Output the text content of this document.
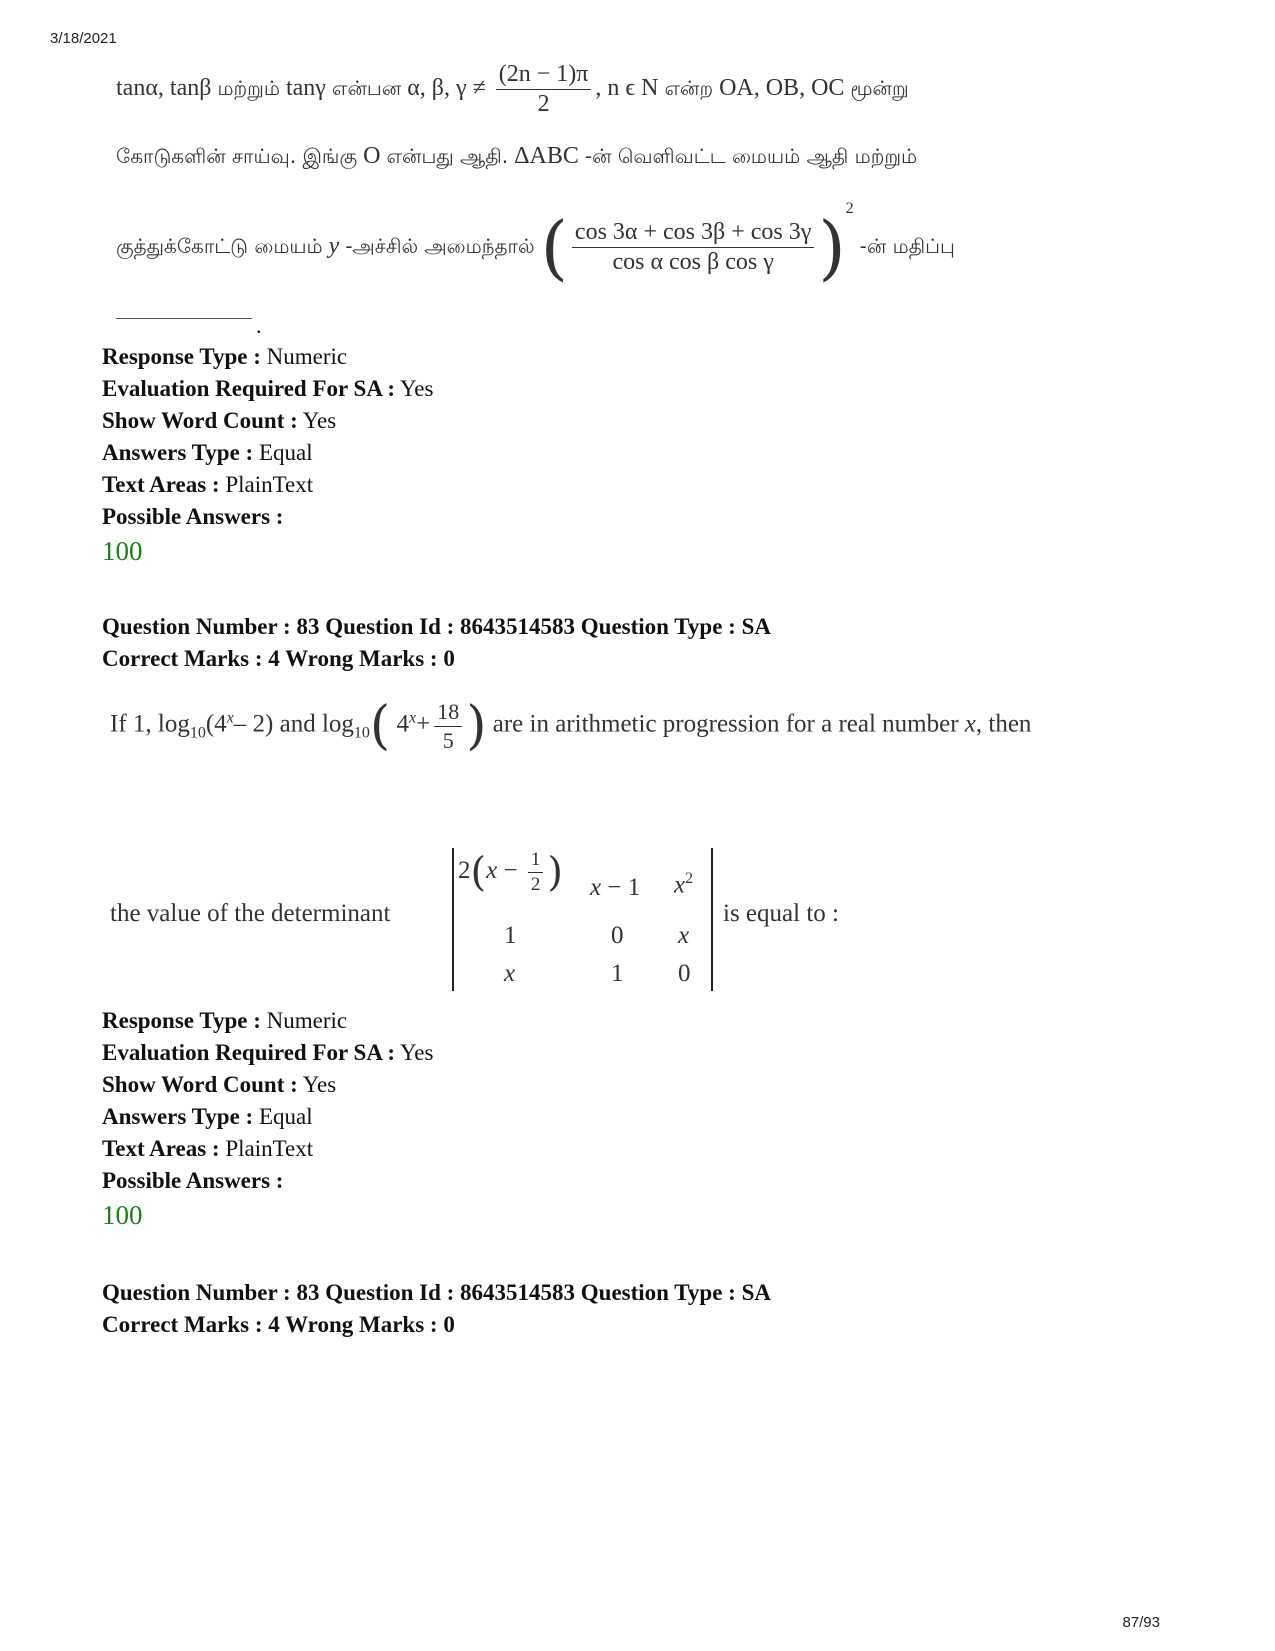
3/18/2021
tanα, tanβ மற்றும் tanγ என்பன α, β, $\gamma \ne \frac{(2n - 1)\pi}{2}$ , n ϵ N என்ற OA, OB, OC மூன்று
கோடுகளின் சாய்வு. இங்கு O என்பது ஆதி. ΔABC -ன் வெளிவட்ட மையம் ஆதி மற்றும்
குத்துக்கோட்டு மையம் y -அச்சில் அமைந்தால் ( $\frac{\cos 3\alpha + \cos 3\beta + \cos 3\gamma}{\text{cos α cos β cos γ}} )^2$ -ன் மதிப்பு
.
Response Type : Numeric
Evaluation Required For SA : Yes
Show Word Count : Yes
Answers Type : Equal
Text Areas : PlainText
Possible Answers :
100
Question Number : 83 Question Id : 8643514583 Question Type : SA
Correct Marks : 4 Wrong Marks : 0
If 1, $\log_{10}(4^x-$ 2) and $\log_{10}$( $4^x+ \frac{18}{5}$ ) are in arithmetic progression for a real number x, then
the value of the determinant
$2(x - \frac{1}{2}$ ) x − 1 $x^2$
1	0 x
x	1 0
is equal to :
Response Type : Numeric
Evaluation Required For SA : Yes
Show Word Count : Yes
Answers Type : Equal
Text Areas : PlainText
Possible Answers :
100
Question Number : 83 Question Id : 8643514583 Question Type : SA
Correct Marks : 4 Wrong Marks : 0
87/93
